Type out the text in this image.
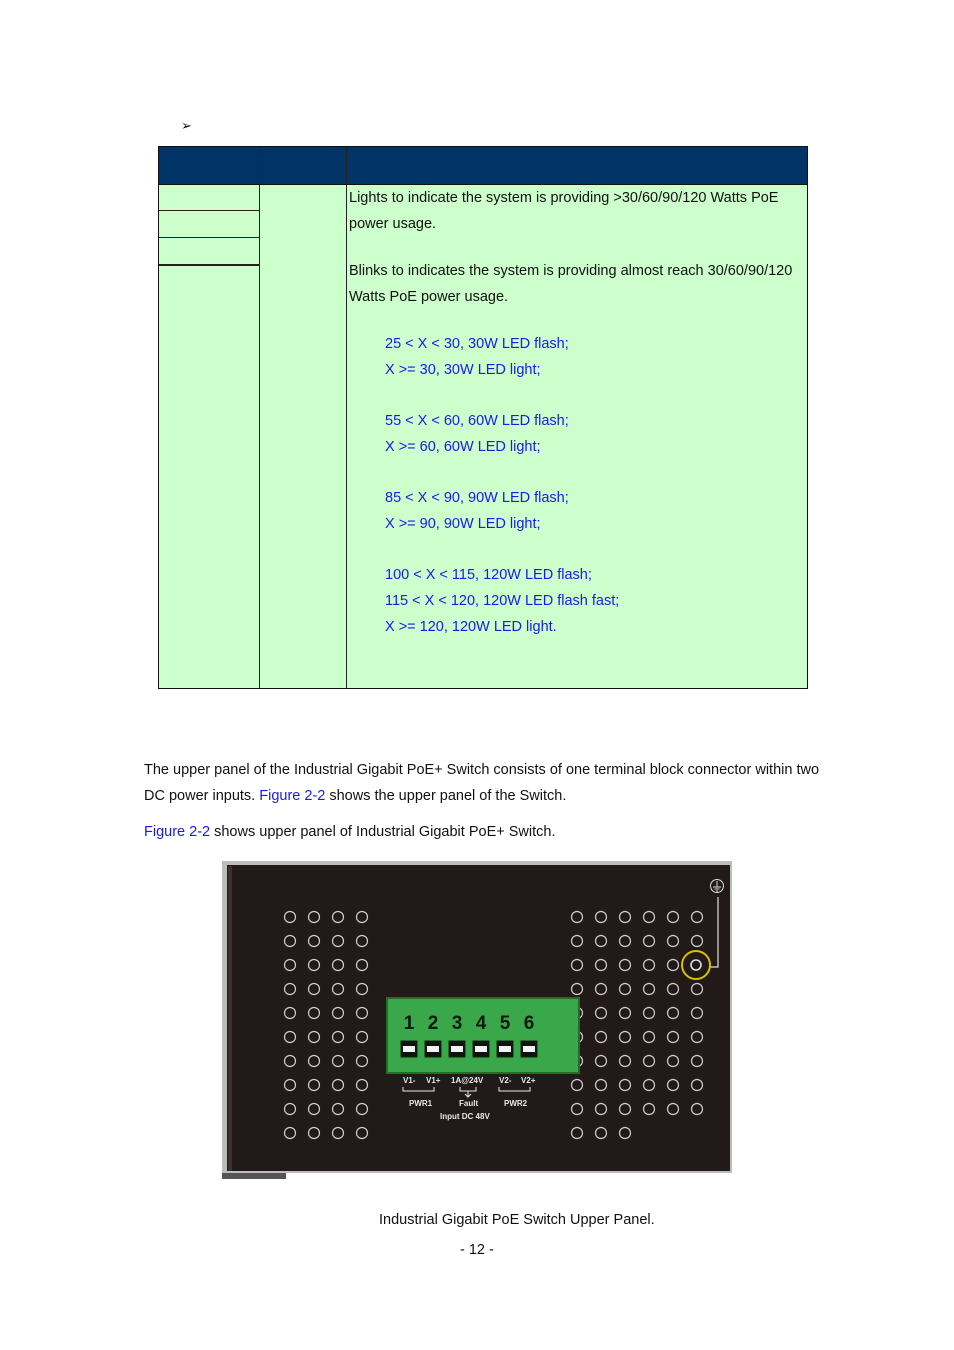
➢

Lights to indicate the system is providing >30/60/90/120 Watts PoE

power usage.

Blinks to indicates the system is providing almost reach 30/60/90/120

Watts PoE power usage.

25 < X < 30, 30W LED flash;

X >= 30, 30W LED light;

55 < X < 60, 60W LED flash;

X >= 60, 60W LED light;

85 < X < 90, 90W LED flash;

X >= 90, 90W LED light;

100 < X < 115, 120W LED flash;

115 < X < 120, 120W LED flash fast;

X >= 120, 120W LED light.

The upper panel of the Industrial Gigabit PoE+ Switch consists of one terminal block connector within two
DC power inputs. Figure 2-2 shows the upper panel of the Switch.
Figure 2-2 shows upper panel of Industrial Gigabit PoE+ Switch.
1 2 3 4 5 6
V1- V1+ 1A@24V V2- V2+
PWR1	Fault	PWR2
Input DC 48V
Industrial Gigabit PoE Switch Upper Panel.
- 12 -
